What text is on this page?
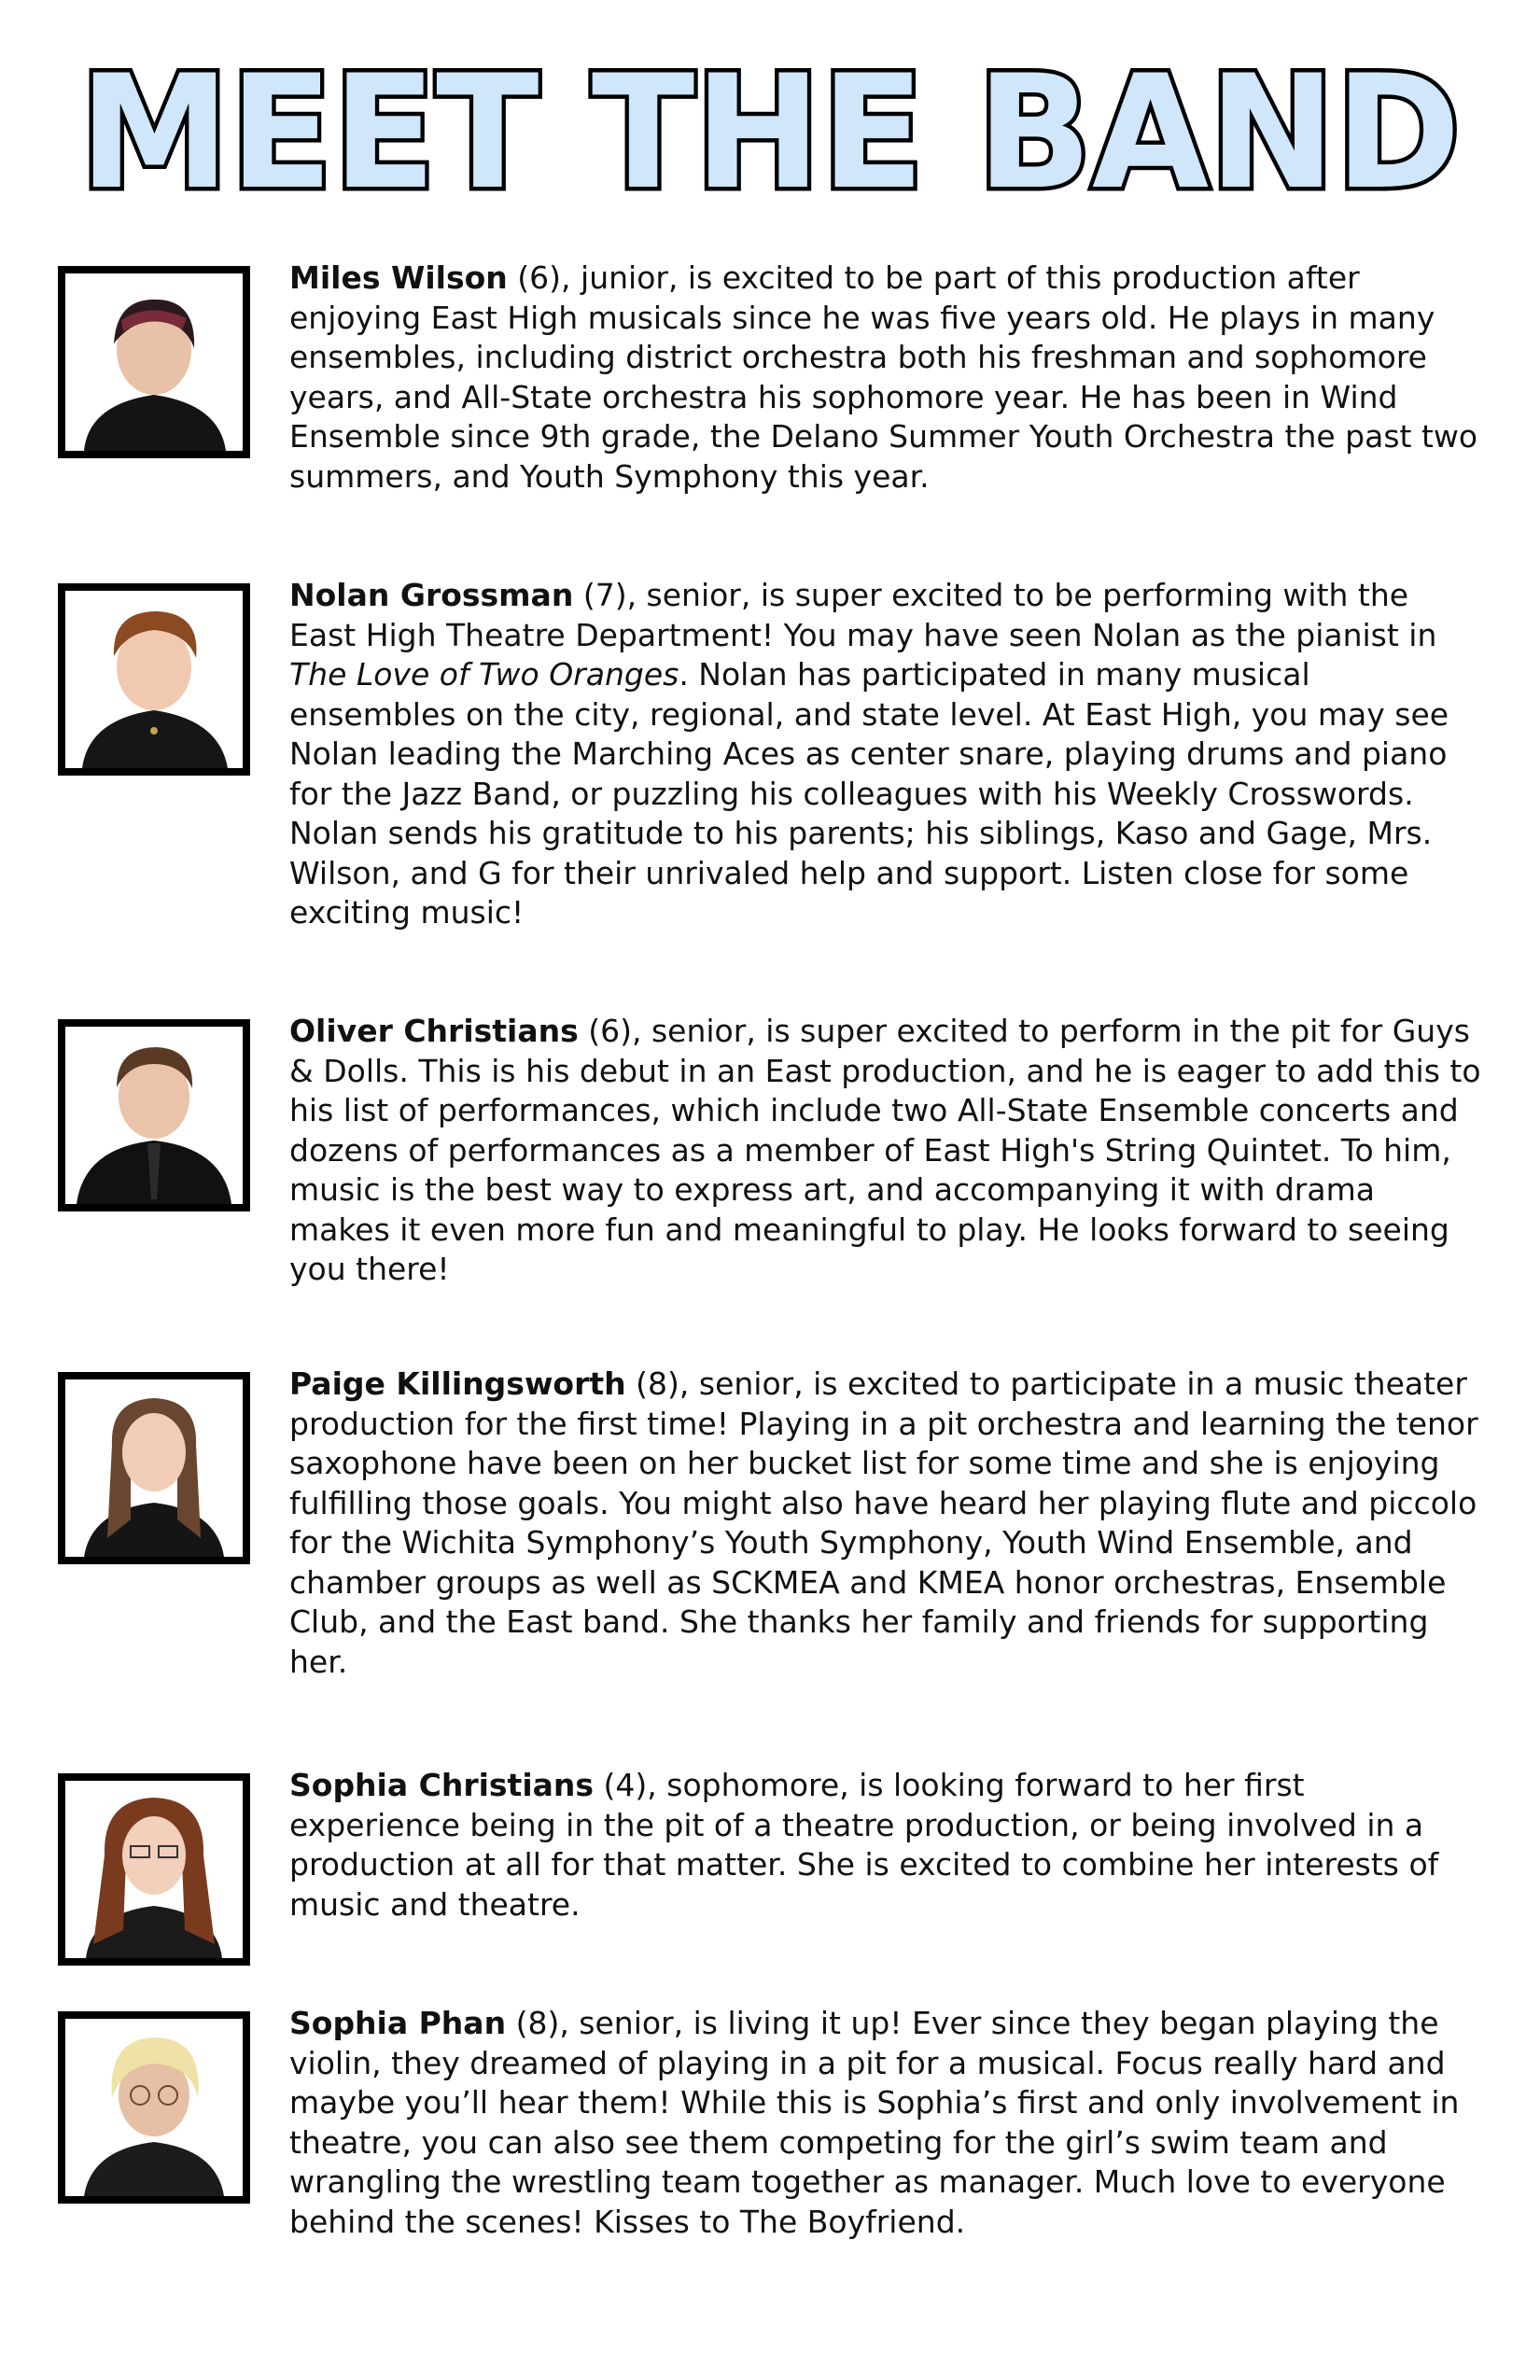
MEET THE BAND
Miles Wilson (6), junior, is excited to be part of this production after enjoying East High musicals since he was five years old. He plays in many ensembles, including district orchestra both his freshman and sophomore years, and All-State orchestra his sophomore year. He has been in Wind Ensemble since 9th grade, the Delano Summer Youth Orchestra the past two summers, and Youth Symphony this year.
Nolan Grossman (7), senior, is super excited to be performing with the East High Theatre Department! You may have seen Nolan as the pianist in The Love of Two Oranges. Nolan has participated in many musical ensembles on the city, regional, and state level. At East High, you may see Nolan leading the Marching Aces as center snare, playing drums and piano for the Jazz Band, or puzzling his colleagues with his Weekly Crosswords. Nolan sends his gratitude to his parents; his siblings, Kaso and Gage, Mrs. Wilson, and G for their unrivaled help and support. Listen close for some exciting music!
Oliver Christians (6), senior, is super excited to perform in the pit for Guys & Dolls. This is his debut in an East production, and he is eager to add this to his list of performances, which include two All-State Ensemble concerts and dozens of performances as a member of East High's String Quintet. To him, music is the best way to express art, and accompanying it with drama makes it even more fun and meaningful to play. He looks forward to seeing you there!
Paige Killingsworth (8), senior, is excited to participate in a music theater production for the first time! Playing in a pit orchestra and learning the tenor saxophone have been on her bucket list for some time and she is enjoying fulfilling those goals. You might also have heard her playing flute and piccolo for the Wichita Symphony’s Youth Symphony, Youth Wind Ensemble, and chamber groups as well as SCKMEA and KMEA honor orchestras, Ensemble Club, and the East band. She thanks her family and friends for supporting her.
Sophia Christians (4), sophomore, is looking forward to her first experience being in the pit of a theatre production, or being involved in a production at all for that matter. She is excited to combine her interests of music and theatre.
Sophia Phan (8), senior, is living it up! Ever since they began playing the violin, they dreamed of playing in a pit for a musical. Focus really hard and maybe you’ll hear them! While this is Sophia’s first and only involvement in theatre, you can also see them competing for the girl’s swim team and wrangling the wrestling team together as manager. Much love to everyone behind the scenes! Kisses to The Boyfriend.
